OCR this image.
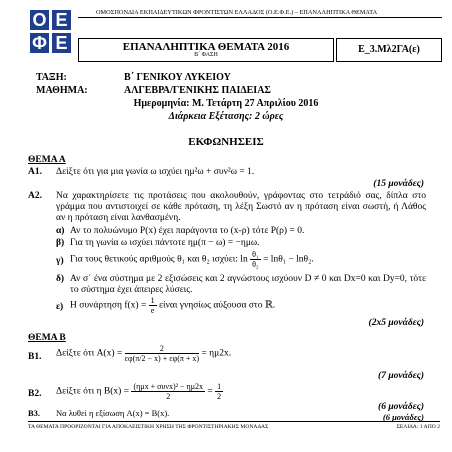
Ο Ε
Φ Ε
ΟΜΟΣΠΟΝΔΙΑ ΕΚΠΑΙΔΕΥΤΙΚΩΝ ΦΡΟΝΤΙΣΤΩΝ ΕΛΛΑΔΟΣ (Ο.Ε.Φ.Ε.) – ΕΠΑΝΑΛΗΠΤΙΚΑ ΘΕΜΑΤΑ
ΕΠΑΝΑΛΗΠΤΙΚΑ ΘΕΜΑΤΑ 2016
Β΄ ΦΑΣΗ	Ε_3.Μλ2ΓΑ(ε)
ΤΑΞΗ:	Β΄ ΓΕΝΙΚΟΥ ΛΥΚΕΙΟΥ
ΜΑΘΗΜΑ:	ΑΛΓΕΒΡΑ/ΓΕΝΙΚΗΣ ΠΑΙΔΕΙΑΣ
Ημερομηνία: Μ. Τετάρτη 27 Απριλίου 2016
Διάρκεια Εξέτασης: 2 ώρες
ΕΚΦΩΝΗΣΕΙΣ
ΘΕΜΑ Α
Α1. Δείξτε ότι για μια γωνία ω ισχύει ημ²ω + συν²ω = 1.
(15 μονάδες)
Α2. Να χαρακτηρίσετε τις προτάσεις που ακολουθούν, γράφοντας στο τετράδιό σας, δίπλα στο γράμμα που αντιστοιχεί σε κάθε πρόταση, τη λέξη Σωστό αν η πρόταση είναι σωστή, ή Λάθος αν η πρόταση είναι λανθασμένη.
α) Αν το πολυώνυμο P(x) έχει παράγοντα το (x-ρ) τότε P(ρ) = 0.
β) Για τη γωνία ω ισχύει πάντοτε ημ(π − ω) = −ημω.
γ) Για τους θετικούς αριθμούς θ₁ και θ₂ ισχύει: $\ln \frac{\text{θ₁}}{\text{θ₂}} = \ln\theta_1 - \ln\theta_2$.
δ) Αν σ΄ ένα σύστημα με 2 εξισώσεις και 2 αγνώστους ισχύουν D ≠ 0 και Dx=0 και Dy=0, τότε το σύστημα έχει άπειρες λύσεις.
ε) Η συνάρτηση $f(x) = \frac{1}{e}$ είναι γνησίως αύξουσα στο ℝ.
(2x5 μονάδες)
ΘΕΜΑ Β
Β1. Δείξτε ότι $A(x) = \frac{2}{\varepsilon\varphi(\pi/2 - x) + \varepsilon\varphi(\pi + x)} = \eta\mu 2x$.
(7 μονάδες)
Β2. Δείξτε ότι η $B(x) = \frac{\text{(ημx + συνx)² − ημ2x}}{2} = \frac{1}{2}$
(6 μονάδες)
Β3. Να λυθεί η εξίσωση A(x) = B(x).	(6 μονάδες)
ΤΑ ΘΕΜΑΤΑ ΠΡΟΟΡΙΖΟΝΤΑΙ ΓΙΑ ΑΠΟΚΛΕΙΣΤΙΚΗ ΧΡΗΣΗ ΤΗΣ ΦΡΟΝΤΙΣΤΗΡΙΑΚΗΣ ΜΟΝΑΔΑΣ	ΣΕΛΙΔΑ: 1 ΑΠΟ 2
